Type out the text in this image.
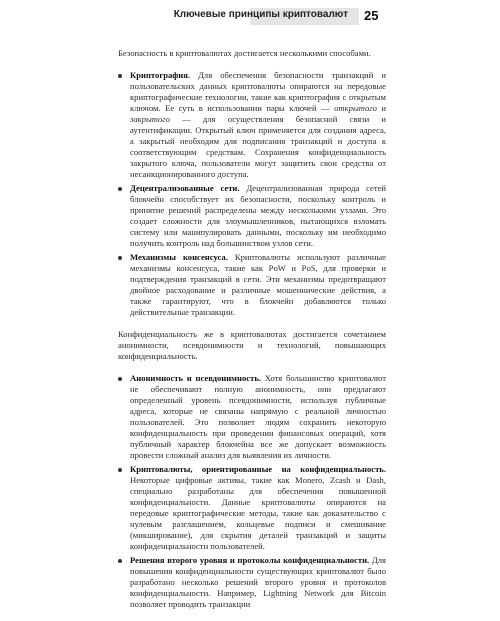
Ключевые принципы криптовалют 25

Безопасность в криптовалютах достигается несколькими способами.

Криптография. Для обеспечения безопасности транзакций и пользовательских данных криптовалюты опираются на передовые криптографические технологии, такие как криптография с открытым ключом. Ее суть в использовании пары ключей — открытого и закрытого — для осуществления безопасной связи и аутентификации. Открытый ключ применяется для создания адреса, а закрытый необходим для подписания транзакций и доступа к соответствующим средствам. Сохранения конфиденциальность закрытого ключа, пользователи могут защитить свои средства от несанкционированного доступа.
Децентрализованные сети. Децентрализованная природа сетей блокчейн способствует их безопасности, поскольку контроль и принятие решений распределены между несколькими узлами. Это создает сложности для злоумышленников, пытающихся взломать систему или манипулировать данными, поскольку им необходимо получить контроль над большинством узлов сети.
Механизмы консенсуса. Криптовалюты используют различные механизмы консенсуса, такие как PoW и PoS, для проверки и подтверждения транзакций в сети. Эти механизмы предотвращают двойное расходование и различные мошеннические действия, а также гарантируют, что в блокчейн добавляются только действительные транзакции.

Конфиденциальность же в криптовалютах достигается сочетанием анонимности, псевдонимности и технологий, повышающих конфиденциальность.

Анонимность и псевдонимность. Хотя большинство криптовалют не обеспечивают полную анонимность, они предлагают определенный уровень псевдонимности, используя публичные адреса, которые не связаны напрямую с реальной личностью пользователей. Это позволяет людям сохранить некоторую конфиденциальность при проведении финансовых операций, хотя публичный характер блокчейна все же допускает возможность провести сложный анализ для выявления их личности.
Криптовалюты, ориентированные на конфиденциальность. Некоторые цифровые активы, такие как Monero, Zcash и Dash, специально разработаны для обеспечения повышенной конфиденциальности. Данные криптовалюты опираются на передовые криптографические методы, такие как доказательство с нулевым разглашением, кольцевые подписи и смешивание (микширование), для скрытия деталей транзакций и защиты конфиденциальности пользователей.
Решения второго уровня и протоколы конфиденциальности. Для повышения конфиденциальности существующих криптовалют было разработано несколько решений второго уровня и протоколов конфиденциальности. Например, Lightning Network для Bitcoin позволяет проводить транзакции
